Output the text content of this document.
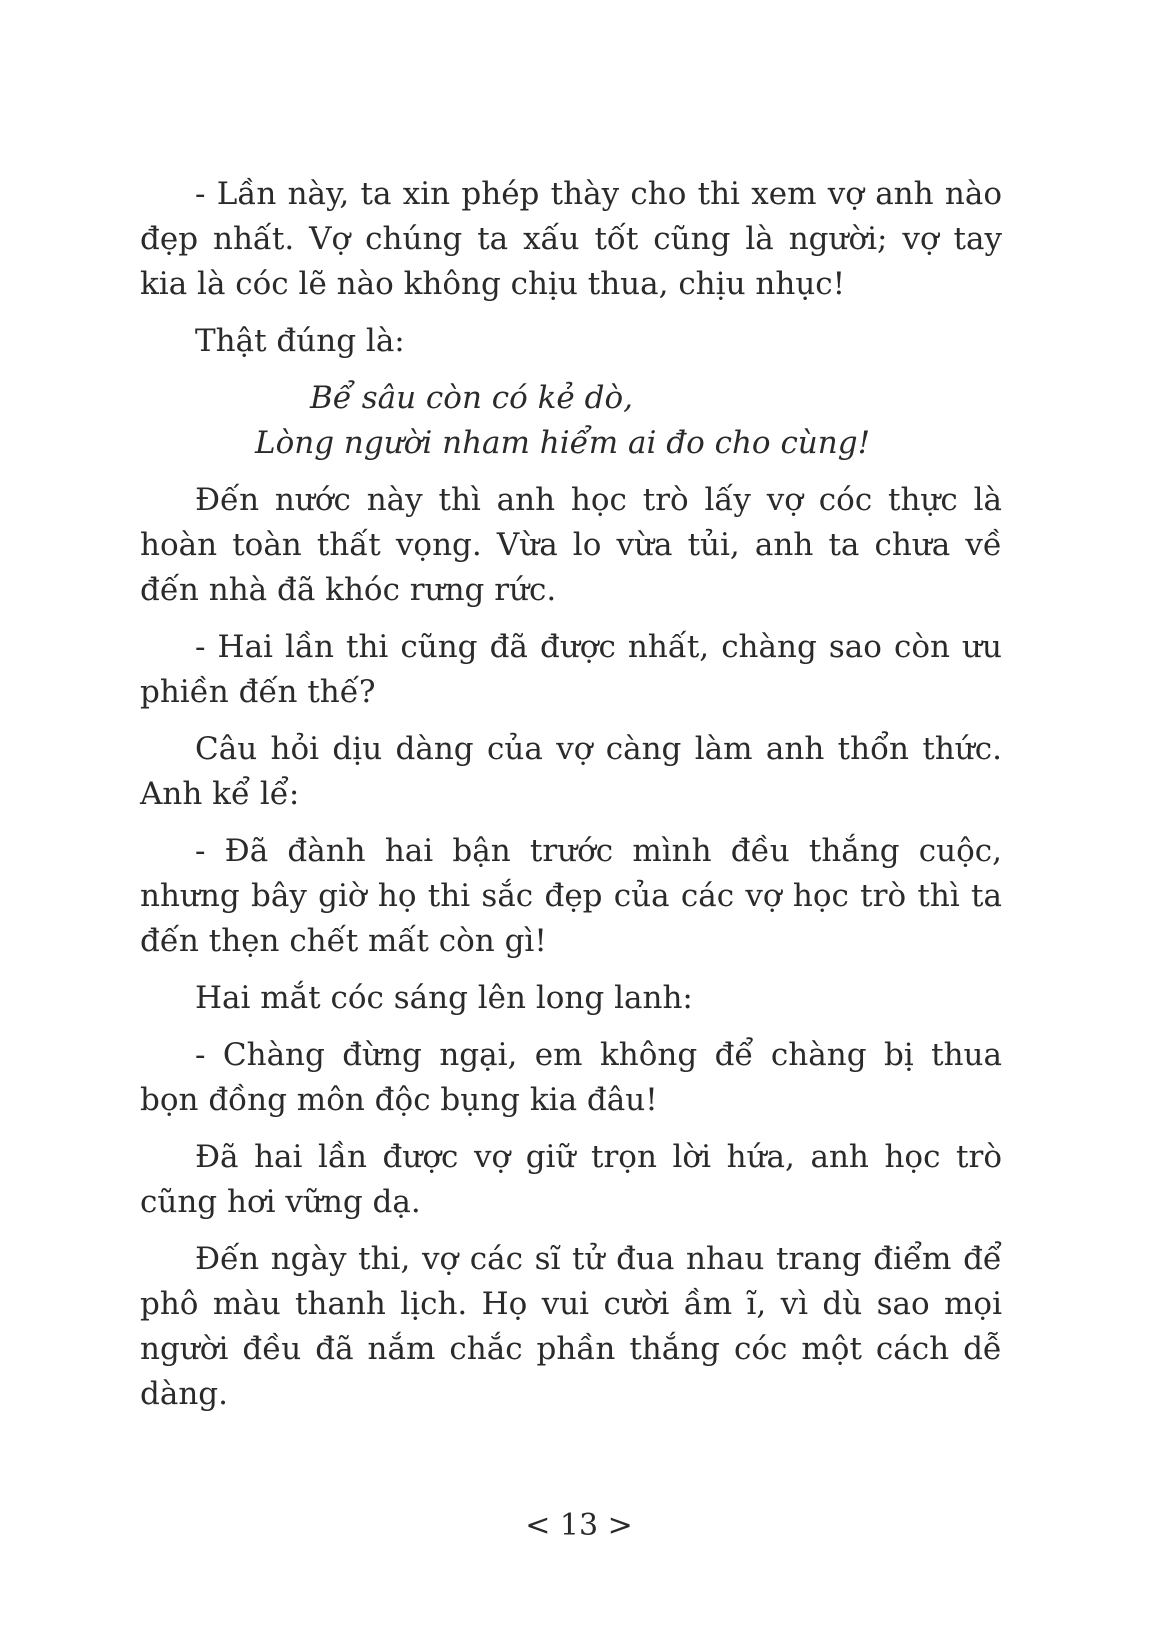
- Lần này, ta xin phép thày cho thi xem vợ anh nào đẹp nhất. Vợ chúng ta xấu tốt cũng là người; vợ tay kia là cóc lẽ nào không chịu thua, chịu nhục!

Thật đúng là:

Bể sâu còn có kẻ dò,
Lòng người nham hiểm ai đo cho cùng!

Đến nước này thì anh học trò lấy vợ cóc thực là hoàn toàn thất vọng. Vừa lo vừa tủi, anh ta chưa về đến nhà đã khóc rưng rức.

- Hai lần thi cũng đã được nhất, chàng sao còn ưu phiền đến thế?

Câu hỏi dịu dàng của vợ càng làm anh thổn thức. Anh kể lể:

- Đã đành hai bận trước mình đều thắng cuộc, nhưng bây giờ họ thi sắc đẹp của các vợ học trò thì ta đến thẹn chết mất còn gì!

Hai mắt cóc sáng lên long lanh:

- Chàng đừng ngại, em không để chàng bị thua bọn đồng môn độc bụng kia đâu!

Đã hai lần được vợ giữ trọn lời hứa, anh học trò cũng hơi vững dạ.

Đến ngày thi, vợ các sĩ tử đua nhau trang điểm để phô màu thanh lịch. Họ vui cười ầm ĩ, vì dù sao mọi người đều đã nắm chắc phần thắng cóc một cách dễ dàng.

< 13 >
